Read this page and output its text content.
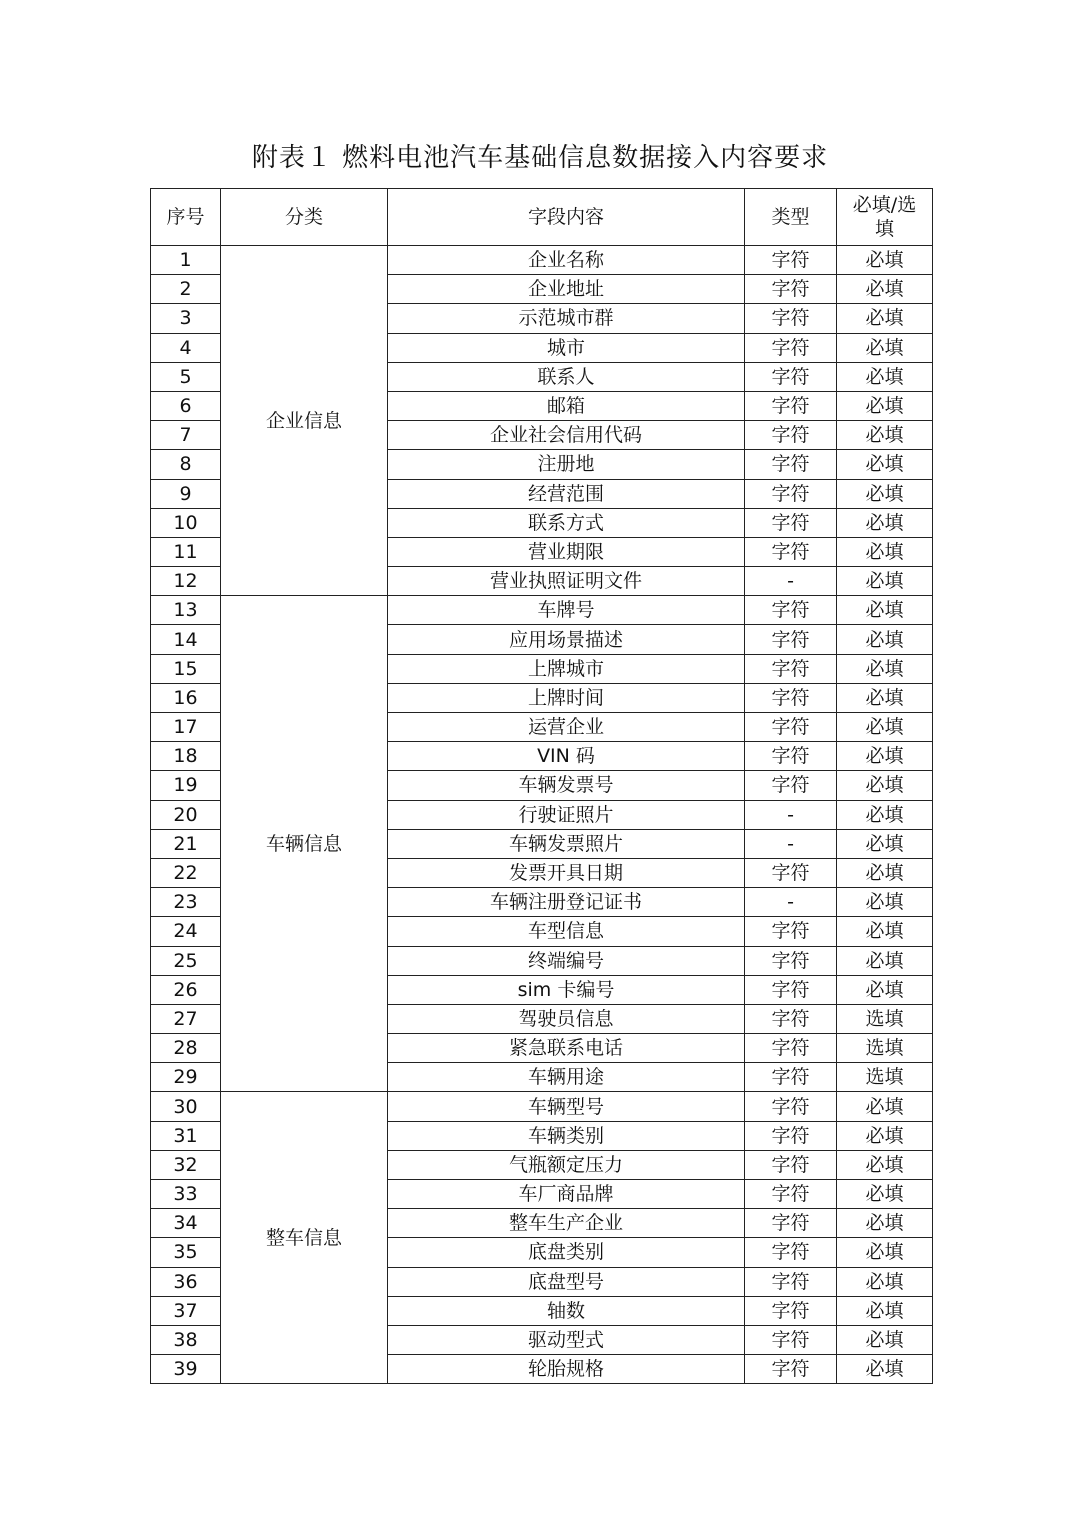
附表１ 燃料电池汽车基础信息数据接入内容要求
序号	分类	字段内容	类型	必填/选填
1	企业信息	企业名称	字符	必填
2		企业地址	字符	必填
3		示范城市群	字符	必填
4		城市	字符	必填
5		联系人	字符	必填
6		邮箱	字符	必填
7		企业社会信用代码	字符	必填
8		注册地	字符	必填
9		经营范围	字符	必填
10		联系方式	字符	必填
11		营业期限	字符	必填
12		营业执照证明文件	-	必填
13	车辆信息	车牌号	字符	必填
14		应用场景描述	字符	必填
15		上牌城市	字符	必填
16		上牌时间	字符	必填
17		运营企业	字符	必填
18		VIN 码	字符	必填
19		车辆发票号	字符	必填
20		行驶证照片	-	必填
21		车辆发票照片	-	必填
22		发票开具日期	字符	必填
23		车辆注册登记证书	-	必填
24		车型信息	字符	必填
25		终端编号	字符	必填
26		sim 卡编号	字符	必填
27		驾驶员信息	字符	选填
28		紧急联系电话	字符	选填
29		车辆用途	字符	选填
30	整车信息	车辆型号	字符	必填
31		车辆类别	字符	必填
32		气瓶额定压力	字符	必填
33		车厂商品牌	字符	必填
34		整车生产企业	字符	必填
35		底盘类别	字符	必填
36		底盘型号	字符	必填
37		轴数	字符	必填
38		驱动型式	字符	必填
39		轮胎规格	字符	必填
